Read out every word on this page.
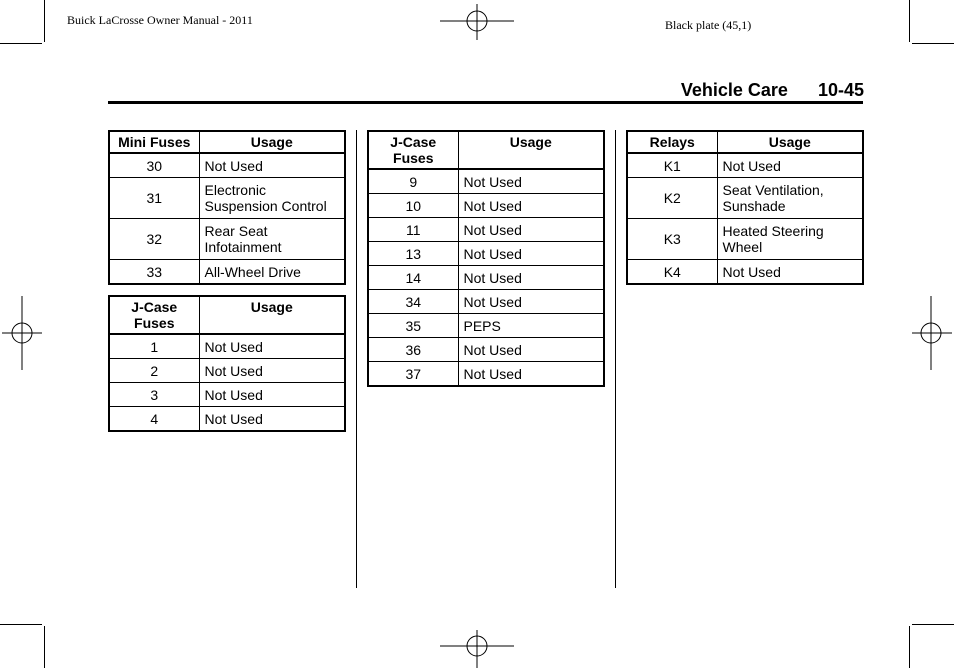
Buick LaCrosse Owner Manual - 2011	Black plate (45,1)
Vehicle Care 10-45
Mini Fuses	Usage
30	Not Used
31	Electronic Suspension Control
32	Rear Seat Infotainment
33	All-Wheel Drive
J-Case Fuses	Usage
1	Not Used
2	Not Used
3	Not Used
4	Not Used
J-Case Fuses	Usage
9	Not Used
10	Not Used
11	Not Used
13	Not Used
14	Not Used
34	Not Used
35	PEPS
36	Not Used
37	Not Used
Relays	Usage
K1	Not Used
K2	Seat Ventilation, Sunshade
K3	Heated Steering Wheel
K4	Not Used
